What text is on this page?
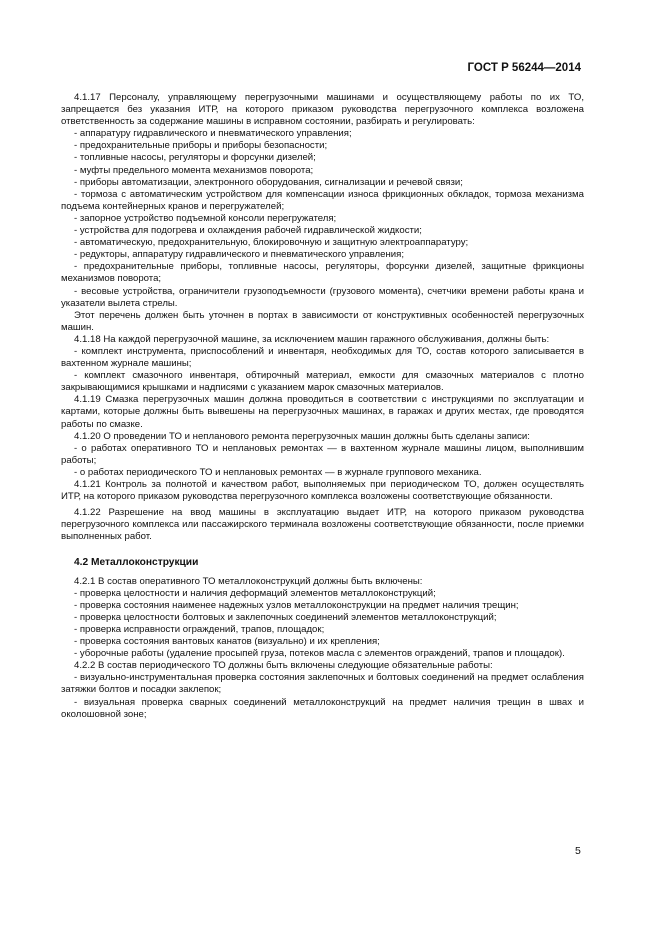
ГОСТ Р 56244—2014

4.1.17 Персоналу, управляющему перегрузочными машинами и осуществляющему работы по их ТО, запрещается без указания ИТР, на которого приказом руководства перегрузочного комплекса возложена ответственность за содержание машины в исправном состоянии, разбирать и регулировать:

- аппаратуру гидравлического и пневматического управления;

- предохранительные приборы и приборы безопасности;

- топливные насосы, регуляторы и форсунки дизелей;

- муфты предельного момента механизмов поворота;

- приборы автоматизации, электронного оборудования, сигнализации и речевой связи;

- тормоза с автоматическим устройством для компенсации износа фрикционных обкладок, тормоза механизма подъема контейнерных кранов и перегружателей;

- запорное устройство подъемной консоли перегружателя;

- устройства для подогрева и охлаждения рабочей гидравлической жидкости;

- автоматическую, предохранительную, блокировочную и защитную электроаппаратуру;

- редукторы, аппаратуру гидравлического и пневматического управления;

- предохранительные приборы, топливные насосы, регуляторы, форсунки дизелей, защитные фрикционы механизмов поворота;

- весовые устройства, ограничители грузоподъемности (грузового момента), счетчики времени работы крана и указатели вылета стрелы.

Этот перечень должен быть уточнен в портах в зависимости от конструктивных особенностей перегрузочных машин.

4.1.18 На каждой перегрузочной машине, за исключением машин гаражного обслуживания, должны быть:

- комплект инструмента, приспособлений и инвентаря, необходимых для ТО, состав которого записывается в вахтенном журнале машины;

- комплект смазочного инвентаря, обтирочный материал, емкости для смазочных материалов с плотно закрывающимися крышками и надписями с указанием марок смазочных материалов.

4.1.19 Смазка перегрузочных машин должна проводиться в соответствии с инструкциями по эксплуатации и картами, которые должны быть вывешены на перегрузочных машинах, в гаражах и других местах, где проводятся работы по смазке.

4.1.20 О проведении ТО и непланового ремонта перегрузочных машин должны быть сделаны записи:

- о работах оперативного ТО и неплановых ремонтах — в вахтенном журнале машины лицом, выполнившим работы;

- о работах периодического ТО и неплановых ремонтах — в журнале группового механика.

4.1.21 Контроль за полнотой и качеством работ, выполняемых при периодическом ТО, должен осуществлять ИТР, на которого приказом руководства перегрузочного комплекса возложены соответствующие обязанности.

4.1.22 Разрешение на ввод машины в эксплуатацию выдает ИТР, на которого приказом руководства перегрузочного комплекса или пассажирского терминала возложены соответствующие обязанности, после приемки выполненных работ.

4.2 Металлоконструкции

4.2.1 В состав оперативного ТО металлоконструкций должны быть включены:

- проверка целостности и наличия деформаций элементов металлоконструкций;

- проверка состояния наименее надежных узлов металлоконструкции на предмет наличия трещин;

- проверка целостности болтовых и заклепочных соединений элементов металлоконструкций;

- проверка исправности ограждений, трапов, площадок;

- проверка состояния вантовых канатов (визуально) и их крепления;

- уборочные работы (удаление просыпей груза, потеков масла с элементов ограждений, трапов и площадок).

4.2.2 В состав периодического ТО должны быть включены следующие обязательные работы:

- визуально-инструментальная проверка состояния заклепочных и болтовых соединений на предмет ослабления затяжки болтов и посадки заклепок;

- визуальная проверка сварных соединений металлоконструкций на предмет наличия трещин в швах и околошовной зоне;

5
